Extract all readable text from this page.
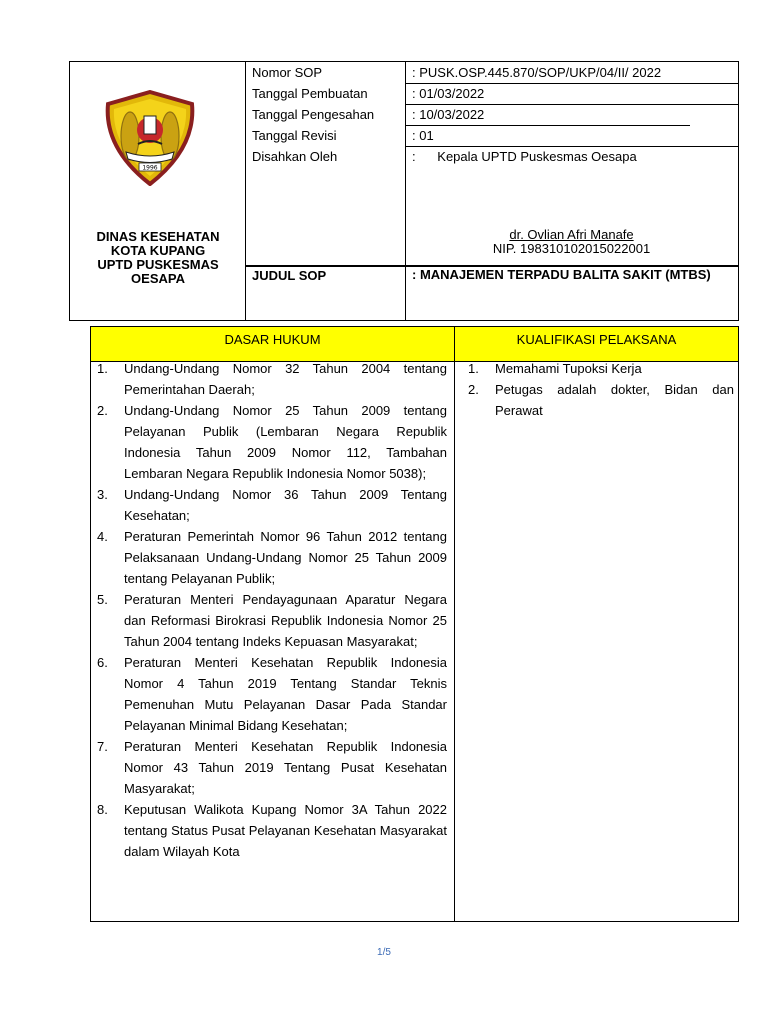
1996
DINAS KESEHATAN
KOTA KUPANG
UPTD PUSKESMAS
OESAPA
Nomor SOP
Tanggal Pembuatan
Tanggal Pengesahan
Tanggal Revisi
Disahkan Oleh
: PUSK.OSP.445.870/SOP/UKP/04/II/ 2022
: 01/03/2022
: 10/03/2022
: 01
:      Kepala UPTD Puskesmas Oesapa
dr. Ovlian Afri Manafe
NIP. 198310102015022001
JUDUL SOP	: MANAJEMEN TERPADU BALITA SAKIT (MTBS)
DASAR HUKUM	KUALIFIKASI PELAKSANA
1. Undang-Undang Nomor 32 Tahun 2004 tentang Pemerintahan Daerah;
2. Undang-Undang Nomor 25 Tahun 2009 tentang Pelayanan Publik (Lembaran Negara Republik Indonesia Tahun 2009 Nomor 112, Tambahan Lembaran Negara Republik Indonesia Nomor 5038);
3. Undang-Undang Nomor 36 Tahun 2009 Tentang Kesehatan;
4. Peraturan Pemerintah Nomor 96 Tahun 2012 tentang Pelaksanaan Undang-Undang Nomor 25 Tahun 2009 tentang Pelayanan Publik;
5. Peraturan Menteri Pendayagunaan Aparatur Negara dan Reformasi Birokrasi Republik Indonesia Nomor 25 Tahun 2004 tentang Indeks Kepuasan Masyarakat;
6. Peraturan Menteri Kesehatan Republik Indonesia Nomor 4 Tahun 2019 Tentang Standar Teknis Pemenuhan Mutu Pelayanan Dasar Pada Standar Pelayanan Minimal Bidang Kesehatan;
7. Peraturan Menteri Kesehatan Republik Indonesia Nomor 43 Tahun 2019 Tentang Pusat Kesehatan Masyarakat;
8. Keputusan Walikota Kupang Nomor 3A Tahun 2022 tentang Status Pusat Pelayanan Kesehatan Masyarakat dalam Wilayah Kota
1. Memahami Tupoksi Kerja
2. Petugas adalah dokter, Bidan dan Perawat
1/5
